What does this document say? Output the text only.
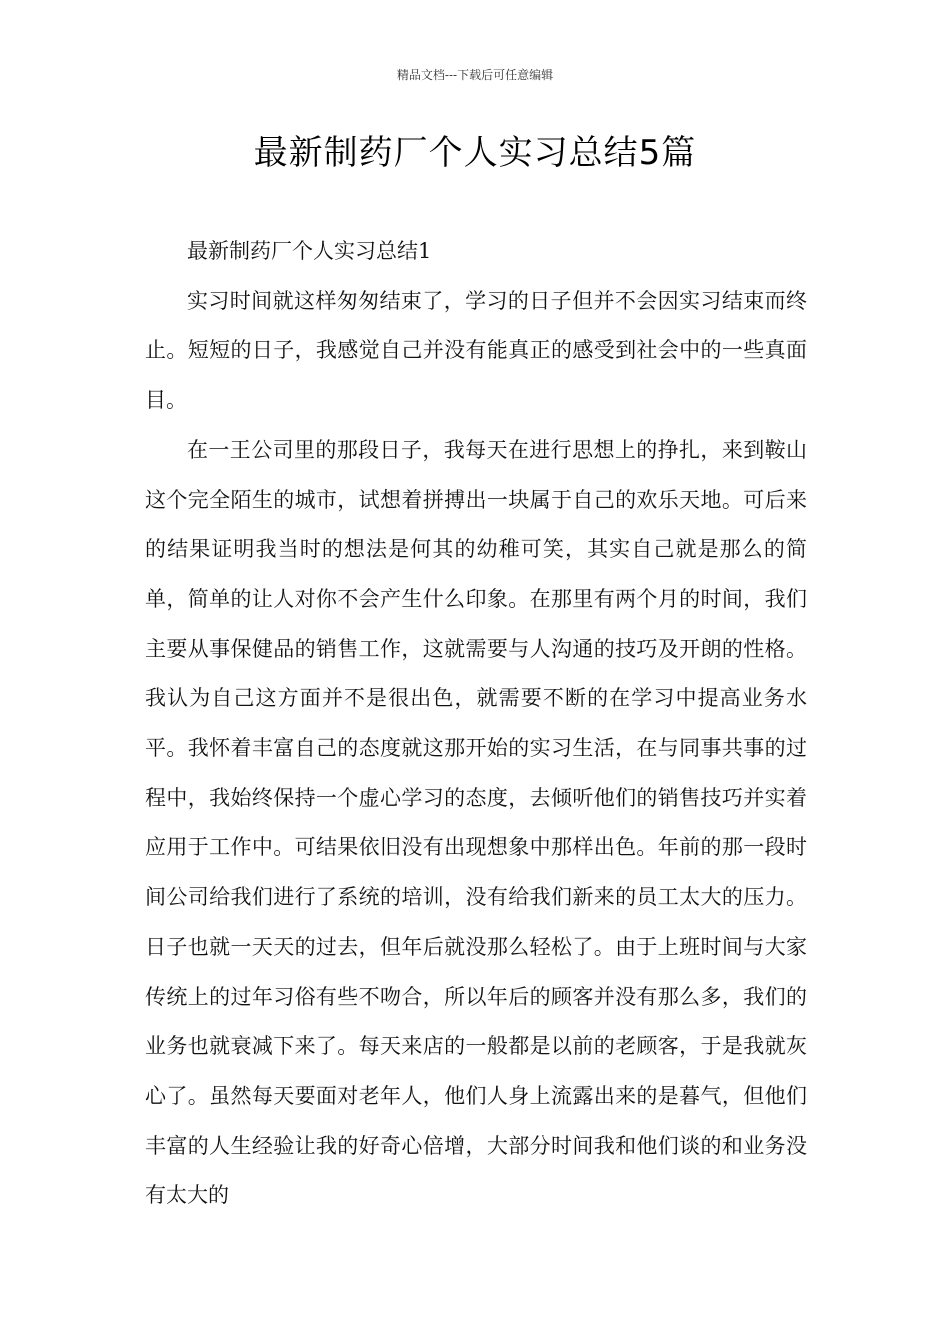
精品文档---下载后可任意编辑
最新制药厂个人实习总结5篇

最新制药厂个人实习总结1

实习时间就这样匆匆结束了，学习的日子但并不会因实习结束而终止。短短的日子，我感觉自己并没有能真正的感受到社会中的一些真面目。

在一王公司里的那段日子，我每天在进行思想上的挣扎，来到鞍山这个完全陌生的城市，试想着拼搏出一块属于自己的欢乐天地。可后来的结果证明我当时的想法是何其的幼稚可笑，其实自己就是那么的简单，简单的让人对你不会产生什么印象。在那里有两个月的时间，我们主要从事保健品的销售工作，这就需要与人沟通的技巧及开朗的性格。我认为自己这方面并不是很出色，就需要不断的在学习中提高业务水平。我怀着丰富自己的态度就这那开始的实习生活，在与同事共事的过程中，我始终保持一个虚心学习的态度，去倾听他们的销售技巧并实着应用于工作中。可结果依旧没有出现想象中那样出色。年前的那一段时间公司给我们进行了系统的培训，没有给我们新来的员工太大的压力。日子也就一天天的过去，但年后就没那么轻松了。由于上班时间与大家传统上的过年习俗有些不吻合，所以年后的顾客并没有那么多，我们的业务也就衰减下来了。每天来店的一般都是以前的老顾客，于是我就灰心了。虽然每天要面对老年人，他们人身上流露出来的是暮气，但他们丰富的人生经验让我的好奇心倍增，大部分时间我和他们谈的和业务没有太大的
